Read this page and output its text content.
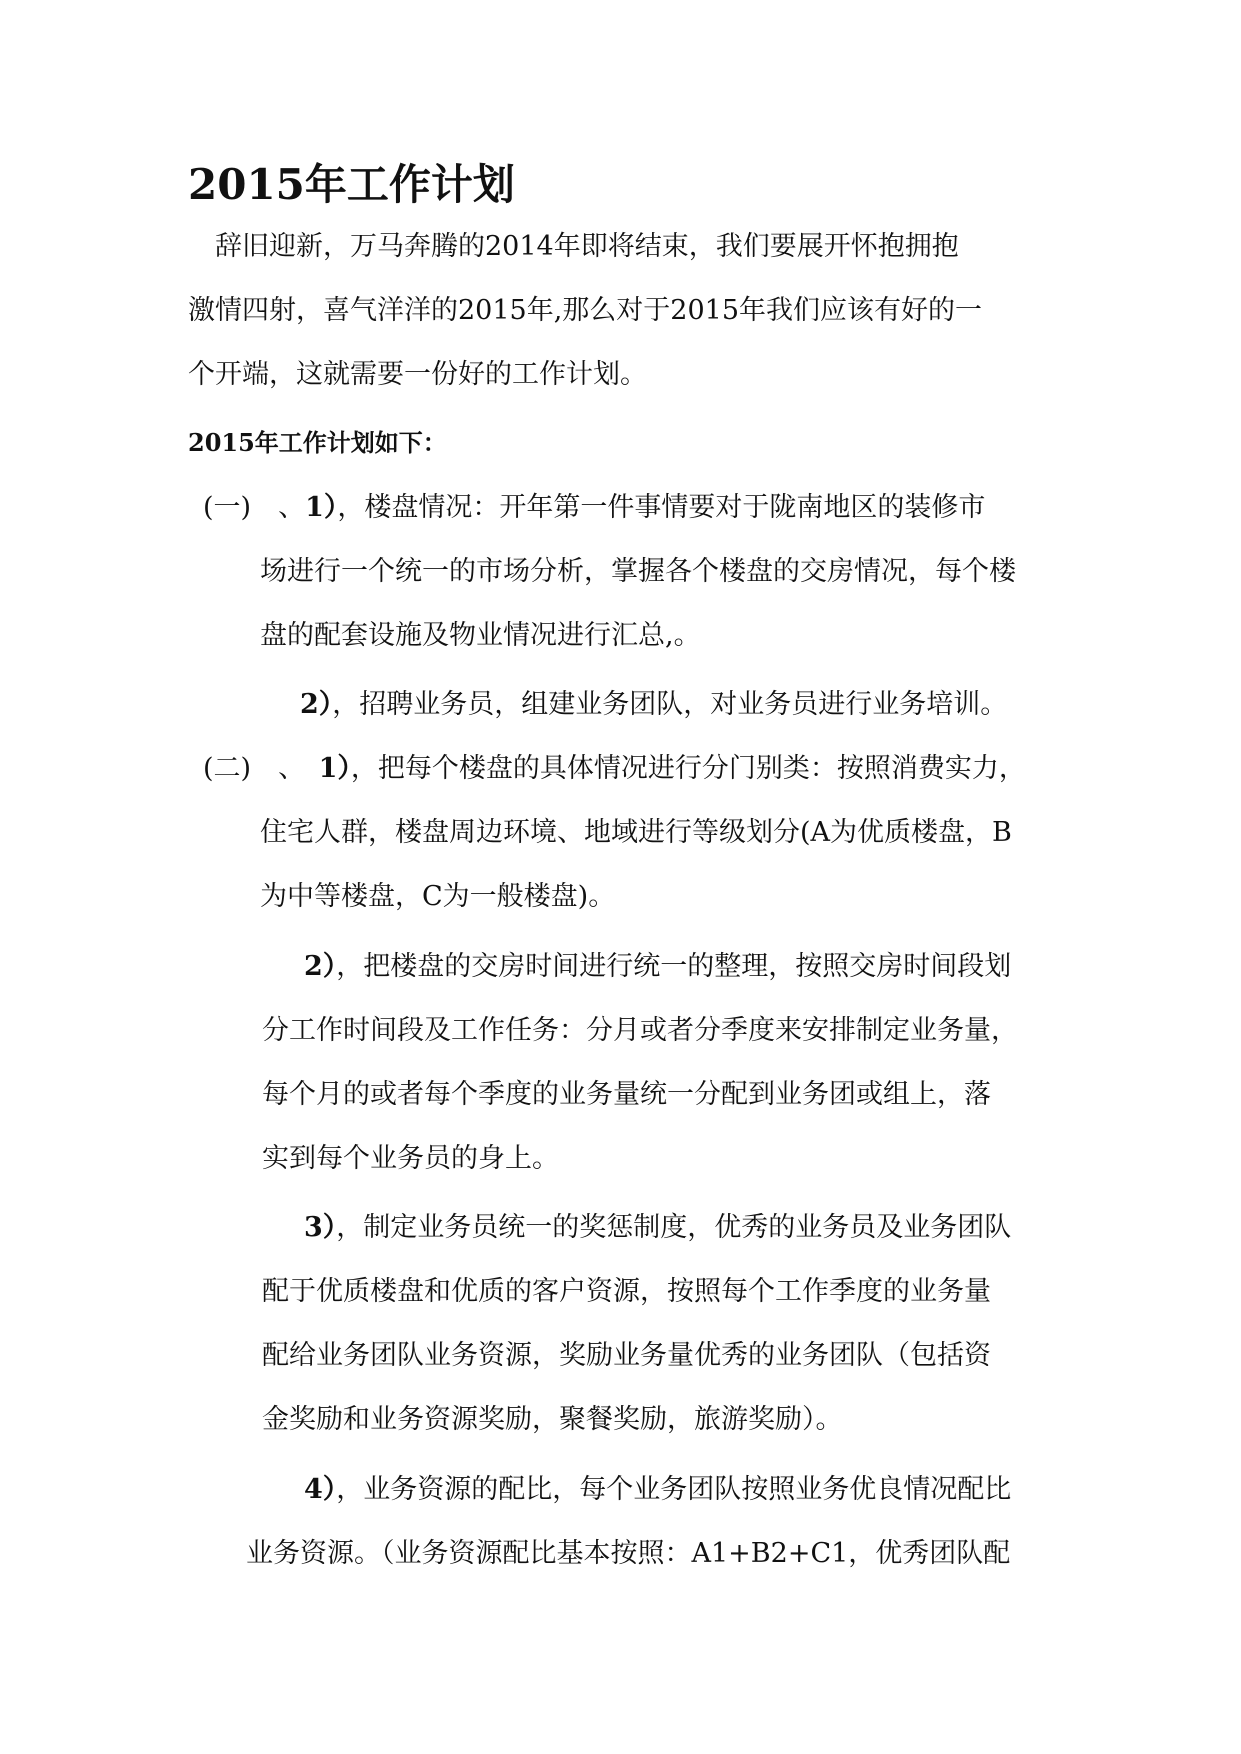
2015年工作计划
　辞旧迎新，万马奔腾的2014年即将结束，我们要展开怀抱拥抱
激情四射，喜气洋洋的2015年,那么对于2015年我们应该有好的一
个开端，这就需要一份好的工作计划。
2015年工作计划如下：
(一)　、1），楼盘情况：开年第一件事情要对于陇南地区的装修市
场进行一个统一的市场分析，掌握各个楼盘的交房情况，每个楼
盘的配套设施及物业情况进行汇总,。
2），招聘业务员，组建业务团队，对业务员进行业务培训。
(二)　、　1），把每个楼盘的具体情况进行分门别类：按照消费实力，
住宅人群，楼盘周边环境、地域进行等级划分(A为优质楼盘，B
为中等楼盘，C为一般楼盘)。
2），把楼盘的交房时间进行统一的整理，按照交房时间段划
分工作时间段及工作任务：分月或者分季度来安排制定业务量，
每个月的或者每个季度的业务量统一分配到业务团或组上，落
实到每个业务员的身上。
3），制定业务员统一的奖惩制度，优秀的业务员及业务团队
配于优质楼盘和优质的客户资源，按照每个工作季度的业务量
配给业务团队业务资源，奖励业务量优秀的业务团队（包括资
金奖励和业务资源奖励，聚餐奖励，旅游奖励）。
4），业务资源的配比，每个业务团队按照业务优良情况配比
业务资源。（业务资源配比基本按照：A1+B2+C1，优秀团队配
